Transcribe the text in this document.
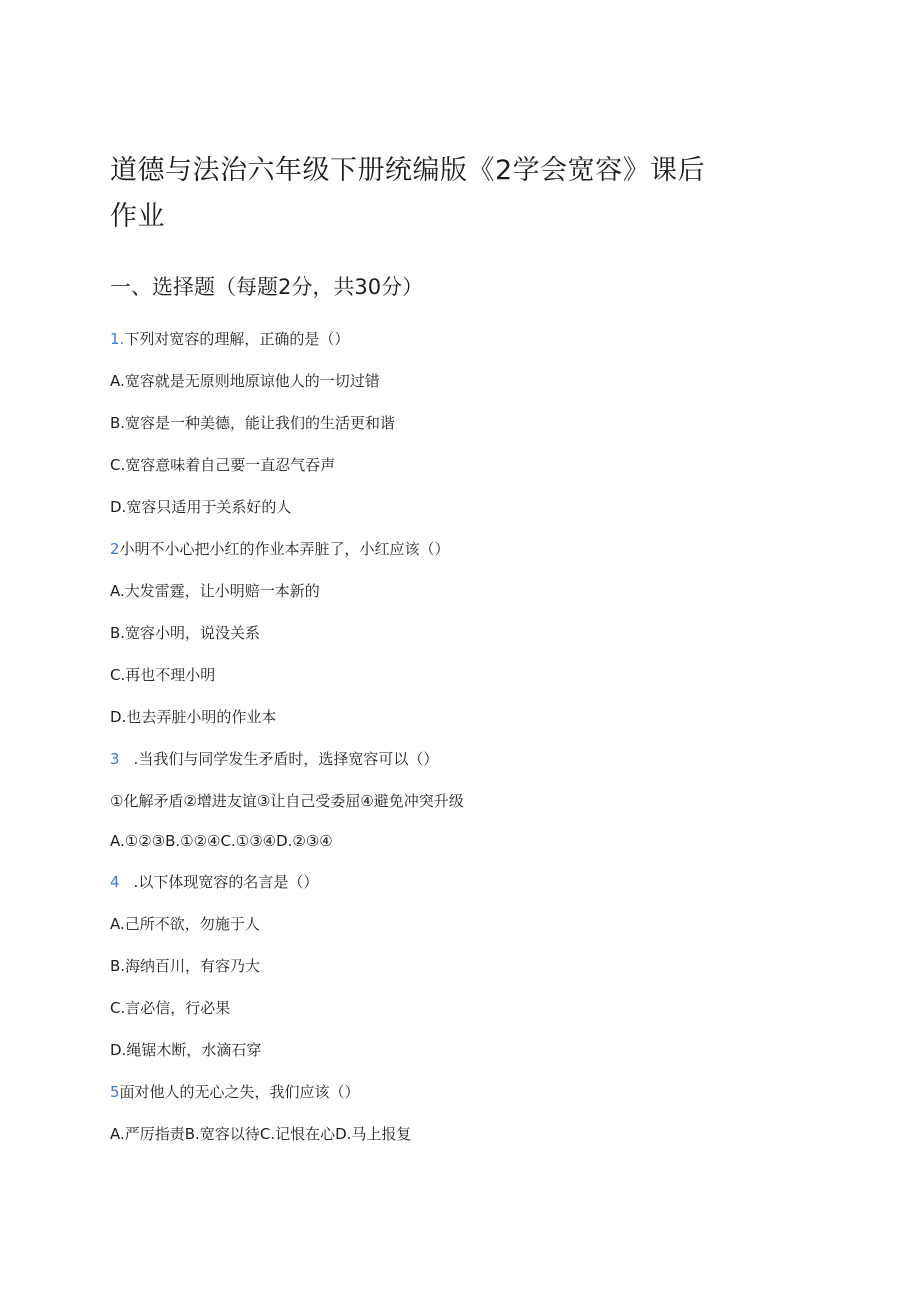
道德与法治六年级下册统编版《2学会宽容》课后作业
一、选择题（每题2分，共30分）
1.下列对宽容的理解，正确的是（）
A.宽容就是无原则地原谅他人的一切过错
B.宽容是一种美德，能让我们的生活更和谐
C.宽容意味着自己要一直忍气吞声
D.宽容只适用于关系好的人
2小明不小心把小红的作业本弄脏了，小红应该（）
A.大发雷霆，让小明赔一本新的
B.宽容小明，说没关系
C.再也不理小明
D.也去弄脏小明的作业本
3 .当我们与同学发生矛盾时，选择宽容可以（）
①化解矛盾②增进友谊③让自己受委屈④避免冲突升级
A.①②③B.①②④C.①③④D.②③④
4 .以下体现宽容的名言是（）
A.己所不欲，勿施于人
B.海纳百川，有容乃大
C.言必信，行必果
D.绳锯木断，水滴石穿
5面对他人的无心之失，我们应该（）
A.严厉指责B.宽容以待C.记恨在心D.马上报复
